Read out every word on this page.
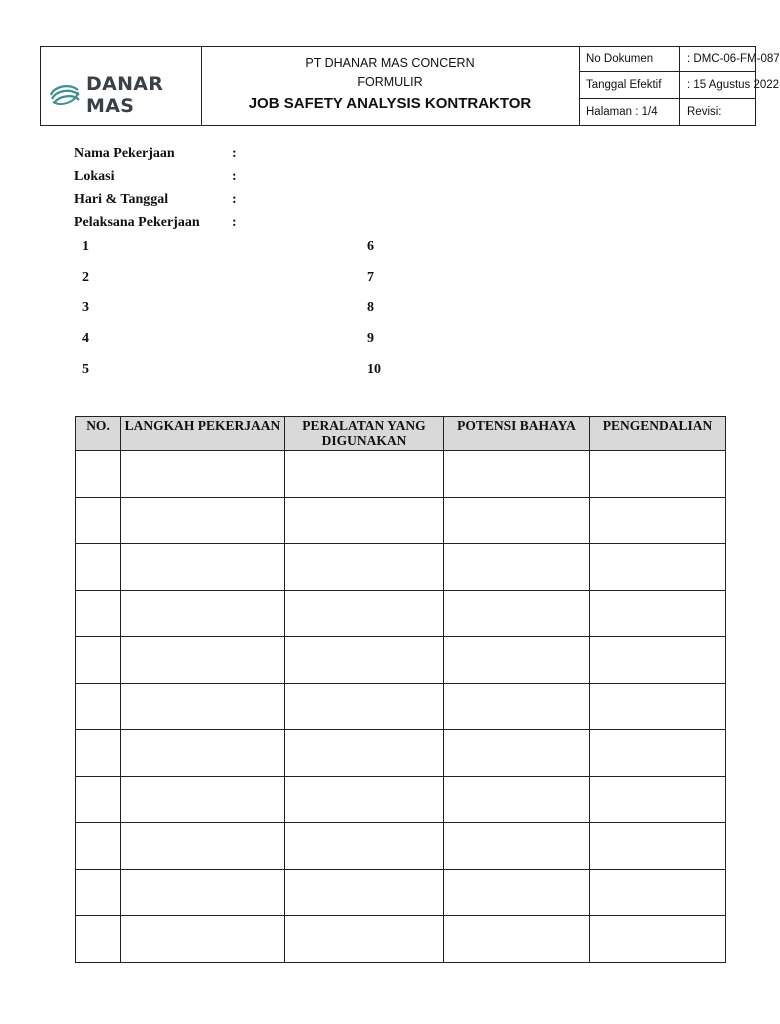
DANAR MAS
PT DHANAR MAS CONCERN
FORMULIR
JOB SAFETY ANALYSIS KONTRAKTOR
No Dokumen	: DMC-06-FM-087
Tanggal Efektif	: 15 Agustus 2022
Halaman : 1/4	Revisi:
Nama Pekerjaan	:
Lokasi	:
Hari & Tanggal	:
Pelaksana Pekerjaan :
1
2
3
4
5
6
7
8
9
10
NO.	LANGKAH PEKERJAAN	PERALATAN YANG DIGUNAKAN	POTENSI BAHAYA	PENGENDALIAN
